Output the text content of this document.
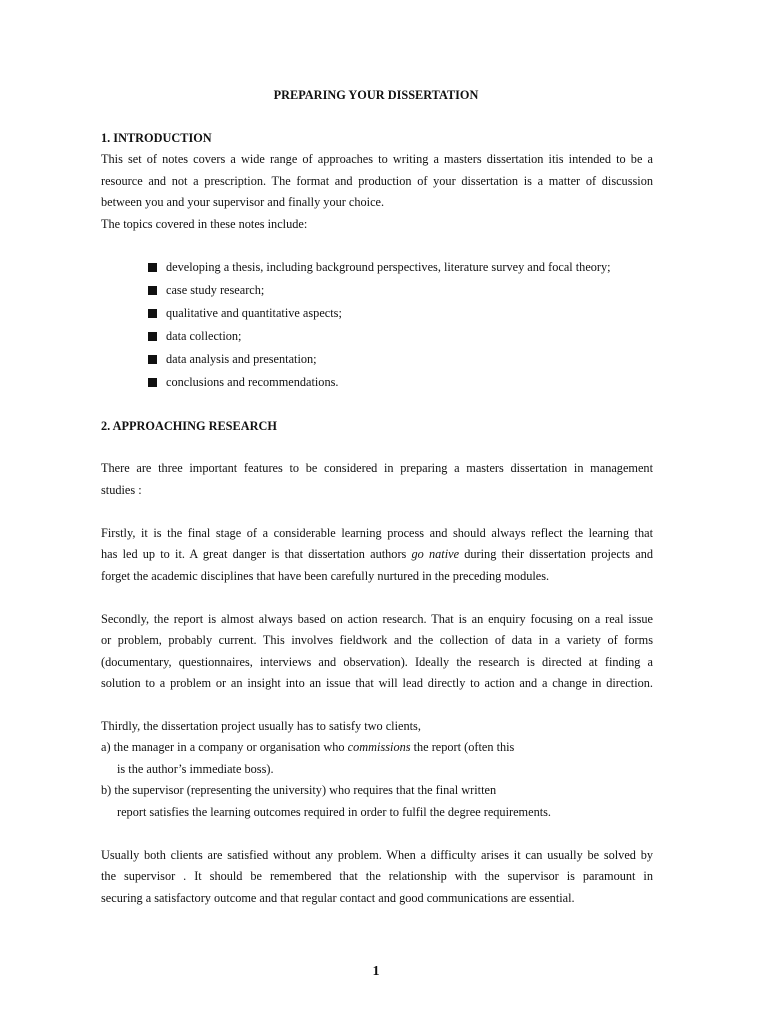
PREPARING YOUR DISSERTATION
1. INTRODUCTION
This set of notes covers a wide range of approaches to writing a masters dissertation itis intended to be a
resource and not a prescription. The format and production of your dissertation is a matter of discussion
between you and your supervisor and finally your choice.
The topics covered in these notes include:
developing a thesis, including background perspectives, literature survey and focal theory;
case study research;
qualitative and quantitative aspects;
data collection;
data analysis and presentation;
conclusions and recommendations.
2. APPROACHING RESEARCH
There are three important features to be considered in preparing a masters dissertation in management
studies :
Firstly, it is the final stage of a considerable learning process and should always reflect the learning that
has led up to it. A great danger is that dissertation authors go native during their dissertation projects and
forget the academic disciplines that have been carefully nurtured in the preceding modules.
Secondly, the report is almost always based on action research. That is an enquiry focusing on a real issue
or problem, probably current. This involves fieldwork and the collection of data in a variety of forms
(documentary, questionnaires, interviews and observation). Ideally the research is directed at finding a
solution to a problem or an insight into an issue that will lead directly to action and a change in direction.
Thirdly, the dissertation project usually has to satisfy two clients,
a) the manager in a company or organisation who commissions the report (often this
is the author’s immediate boss).
b) the supervisor (representing the university) who requires that the final written
report satisfies the learning outcomes required in order to fulfil the degree requirements.
Usually both clients are satisfied without any problem. When a difficulty arises it can usually be solved by
the supervisor . It should be remembered that the relationship with the supervisor is paramount in
securing a satisfactory outcome and that regular contact and good communications are essential.
1
